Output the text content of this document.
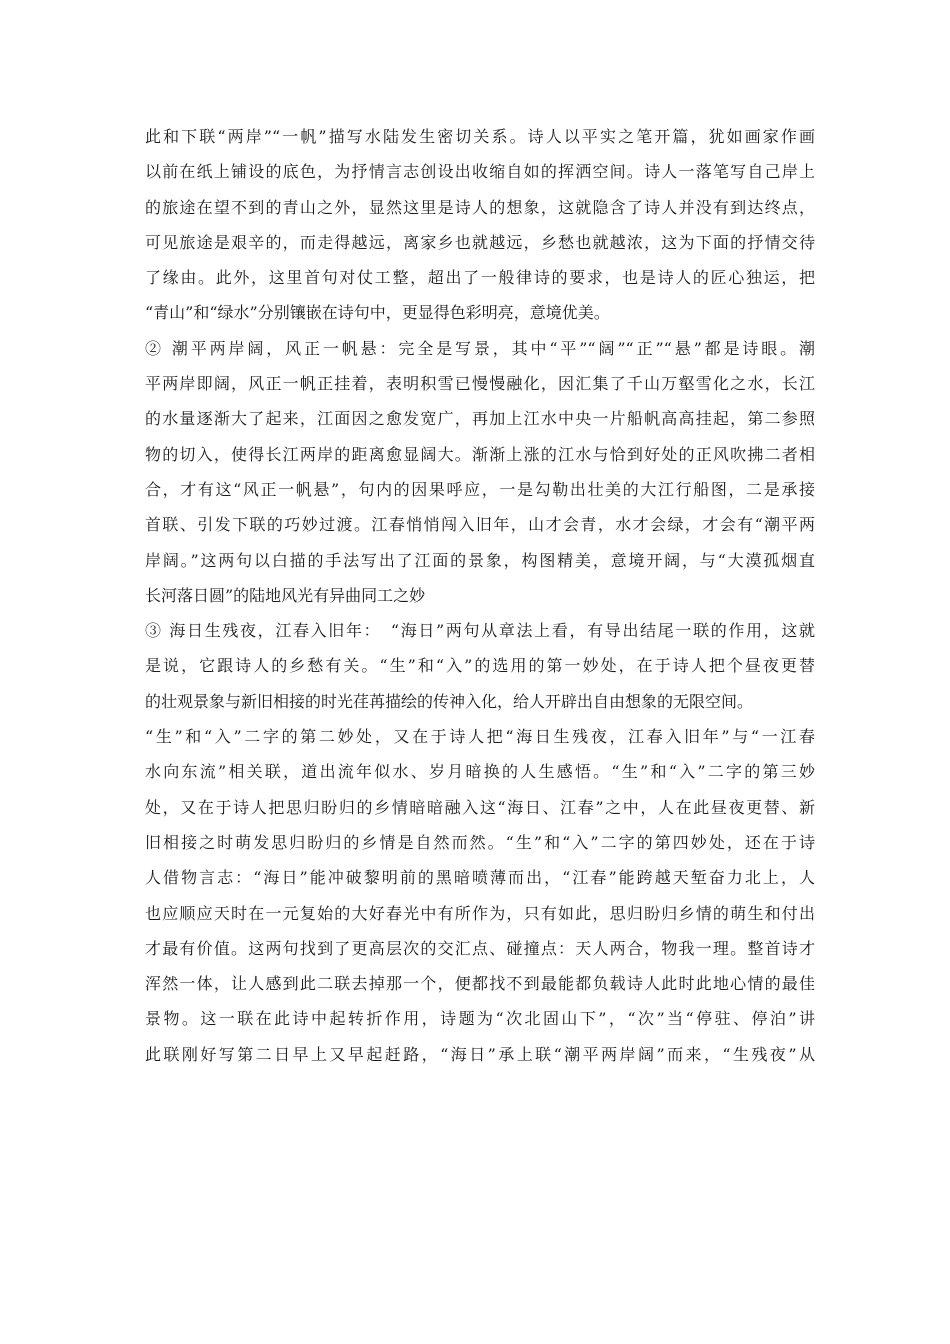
此和下联“两岸”“一帆”描写水陆发生密切关系。诗人以平实之笔开篇，犹如画家作画
以前在纸上铺设的底色，为抒情言志创设出收缩自如的挥洒空间。诗人一落笔写自己岸上
的旅途在望不到的青山之外，显然这里是诗人的想象，这就隐含了诗人并没有到达终点，
可见旅途是艰辛的，而走得越远，离家乡也就越远，乡愁也就越浓，这为下面的抒情交待
了缘由。此外，这里首句对仗工整，超出了一般律诗的要求，也是诗人的匠心独运，把
“青山”和“绿水”分别镶嵌在诗句中，更显得色彩明亮，意境优美。
② 潮平两岸阔，风正一帆悬：完全是写景，其中“平”“阔”“正”“悬”都是诗眼。潮
平两岸即阔，风正一帆正挂着，表明积雪已慢慢融化，因汇集了千山万壑雪化之水，长江
的水量逐渐大了起来，江面因之愈发宽广，再加上江水中央一片船帆高高挂起，第二参照
物的切入，使得长江两岸的距离愈显阔大。渐渐上涨的江水与恰到好处的正风吹拂二者相
合，才有这“风正一帆悬”，句内的因果呼应，一是勾勒出壮美的大江行船图，二是承接
首联、引发下联的巧妙过渡。江春悄悄闯入旧年，山才会青，水才会绿，才会有“潮平两
岸阔。”这两句以白描的手法写出了江面的景象，构图精美，意境开阔，与“大漠孤烟直
长河落日圆”的陆地风光有异曲同工之妙
③ 海日生残夜，江春入旧年：　“海日”两句从章法上看，有导出结尾一联的作用，这就
是说，它跟诗人的乡愁有关。“生”和“入”的选用的第一妙处，在于诗人把个昼夜更替
的壮观景象与新旧相接的时光荏苒描绘的传神入化，给人开辟出自由想象的无限空间。
“生”和“入”二字的第二妙处，又在于诗人把“海日生残夜，江春入旧年”与“一江春
水向东流”相关联，道出流年似水、岁月暗换的人生感悟。“生”和“入”二字的第三妙
处，又在于诗人把思归盼归的乡情暗暗融入这“海日、江春”之中，人在此昼夜更替、新
旧相接之时萌发思归盼归的乡情是自然而然。“生”和“入”二字的第四妙处，还在于诗
人借物言志：“海日”能冲破黎明前的黑暗喷薄而出，“江春”能跨越天堑奋力北上，人
也应顺应天时在一元复始的大好春光中有所作为，只有如此，思归盼归乡情的萌生和付出
才最有价值。这两句找到了更高层次的交汇点、碰撞点：天人两合，物我一理。整首诗才
浑然一体，让人感到此二联去掉那一个，便都找不到最能都负载诗人此时此地心情的最佳
景物。这一联在此诗中起转折作用，诗题为“次北固山下”，“次”当“停驻、停泊”讲
此联刚好写第二日早上又早起赶路，“海日”承上联“潮平两岸阔”而来，“生残夜”从
